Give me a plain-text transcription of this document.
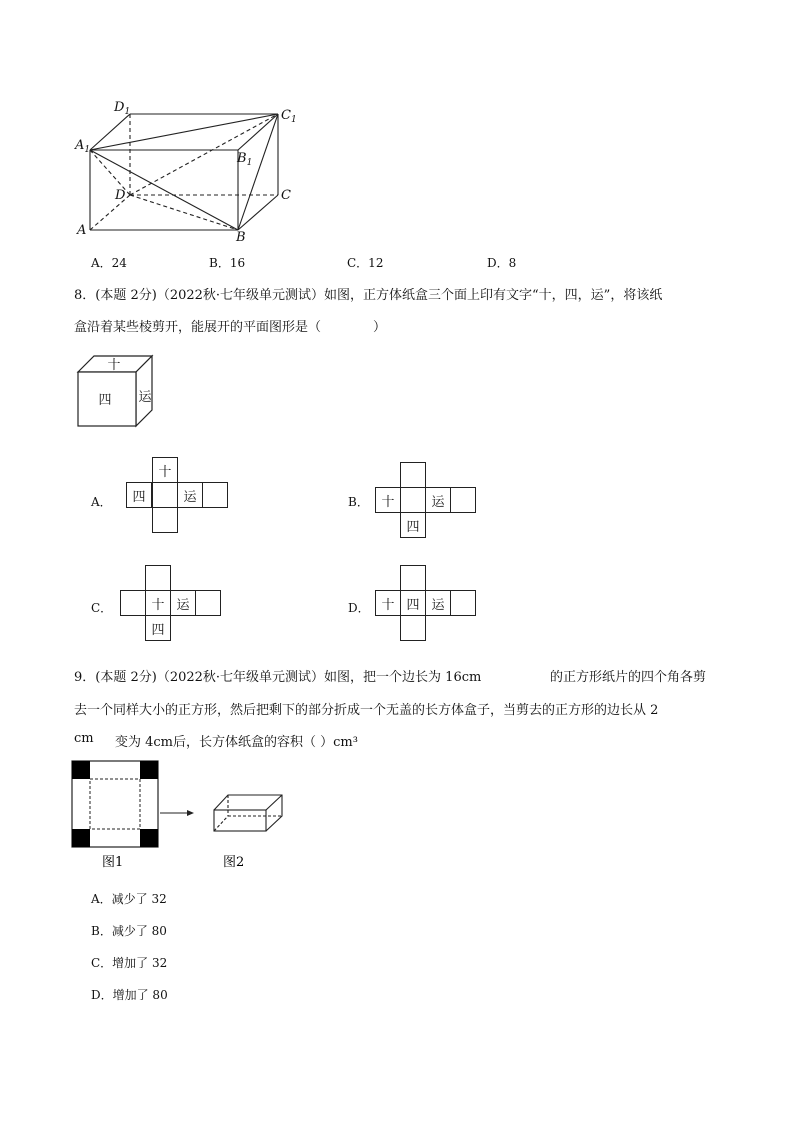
$D_1$	$C_1$
$A_1$
$B_1$
D	C
A	B
A．24	B．16	C．12	D．8
8．(本题 2分)（2022秋·七年级单元测试）如图，正方体纸盒三个面上印有文字“十，四，运”，将该纸
盒沿着某些棱剪开，能展开的平面图形是（　　　　）
十
四 运
A．
十
四	运	B． 十	运
四
C．	十 运
四
D． 十 四 运
9．(本题 2分)（2022秋·七年级单元测试）如图，把一个边长为 16cm	的正方形纸片的四个角各剪
去一个同样大小的正方形，然后把剩下的部分折成一个无盖的长方体盒子，当剪去的正方形的边长从 2
cm 变为 4cm后，长方体纸盒的容积（ ）cm³
图1	图2
A．减少了 32
B．减少了 80
C．增加了 32
D．增加了 80
